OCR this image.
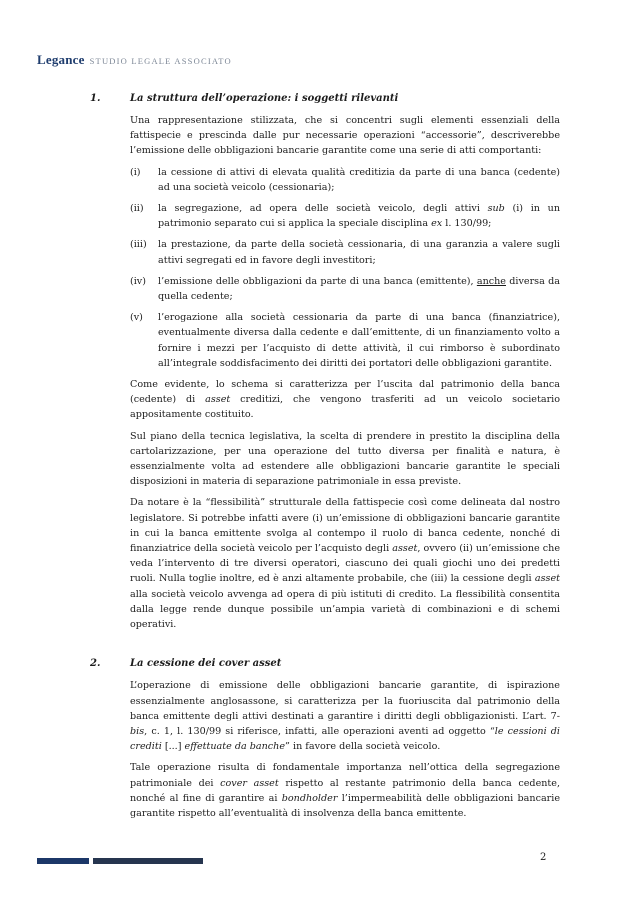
Legance STUDIO LEGALE ASSOCIATO
1.	La struttura dell’operazione: i soggetti rilevanti

Una rappresentazione stilizzata, che si concentri sugli elementi essenziali della fattispecie e prescinda dalle pur necessarie operazioni “accessorie”, descriverebbe l’emissione delle obbligazioni bancarie garantite come una serie di atti comportanti:

(i)	la cessione di attivi di elevata qualità creditizia da parte di una banca (cedente) ad una società veicolo (cessionaria);
(ii)	la segregazione, ad opera delle società veicolo, degli attivi sub (i) in un patrimonio separato cui si applica la speciale disciplina ex l. 130/99;
(iii)	la prestazione, da parte della società cessionaria, di una garanzia a valere sugli attivi segregati ed in favore degli investitori;
(iv)	l’emissione delle obbligazioni da parte di una banca (emittente), anche diversa da quella cedente;
(v)	l’erogazione alla società cessionaria da parte di una banca (finanziatrice), eventualmente diversa dalla cedente e dall’emittente, di un finanziamento volto a fornire i mezzi per l’acquisto di dette attività, il cui rimborso è subordinato all’integrale soddisfacimento dei diritti dei portatori delle obbligazioni garantite.

Come evidente, lo schema si caratterizza per l’uscita dal patrimonio della banca (cedente) di asset creditizi, che vengono trasferiti ad un veicolo societario appositamente costituito.

Sul piano della tecnica legislativa, la scelta di prendere in prestito la disciplina della cartolarizzazione, per una operazione del tutto diversa per finalità e natura, è essenzialmente volta ad estendere alle obbligazioni bancarie garantite le speciali disposizioni in materia di separazione patrimoniale in essa previste.

Da notare è la “flessibilità” strutturale della fattispecie così come delineata dal nostro legislatore. Si potrebbe infatti avere (i) un’emissione di obbligazioni bancarie garantite in cui la banca emittente svolga al contempo il ruolo di banca cedente, nonché di finanziatrice della società veicolo per l’acquisto degli asset, ovvero (ii) un’emissione che veda l’intervento di tre diversi operatori, ciascuno dei quali giochi uno dei predetti ruoli. Nulla toglie inoltre, ed è anzi altamente probabile, che (iii) la cessione degli asset alla società veicolo avvenga ad opera di più istituti di credito. La flessibilità consentita dalla legge rende dunque possibile un’ampia varietà di combinazioni e di schemi operativi.

2.	La cessione dei cover asset

L’operazione di emissione delle obbligazioni bancarie garantite, di ispirazione essenzialmente anglosassone, si caratterizza per la fuoriuscita dal patrimonio della banca emittente degli attivi destinati a garantire i diritti degli obbligazionisti. L’art. 7-bis, c. 1, l. 130/99 si riferisce, infatti, alle operazioni aventi ad oggetto “le cessioni di crediti [...] effettuate da banche” in favore della società veicolo.

Tale operazione risulta di fondamentale importanza nell’ottica della segregazione patrimoniale dei cover asset rispetto al restante patrimonio della banca cedente, nonché al fine di garantire ai bondholder l’impermeabilità delle obbligazioni bancarie garantite rispetto all’eventualità di insolvenza della banca emittente.

2
